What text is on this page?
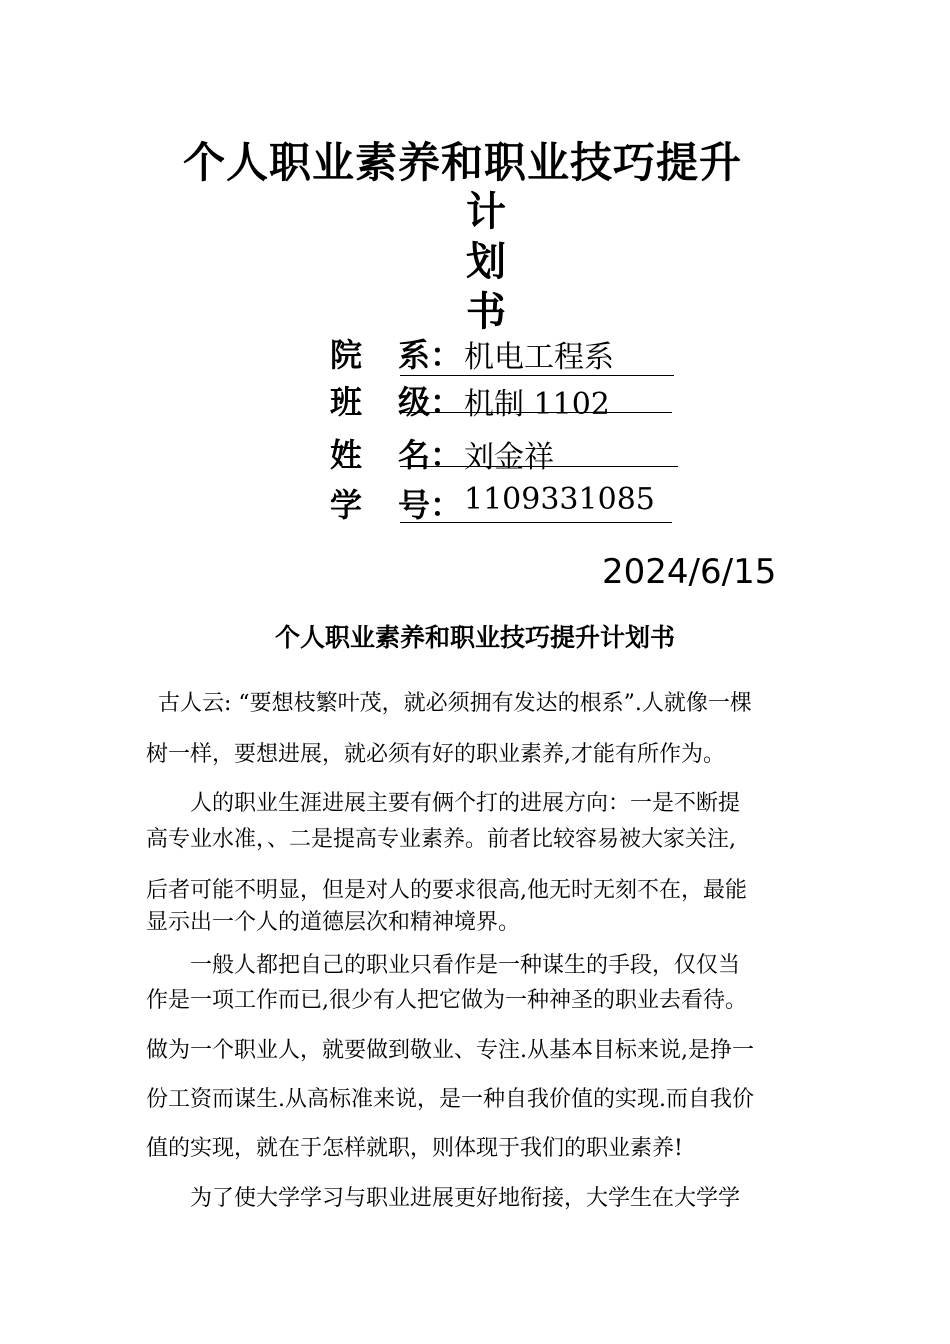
个人职业素养和职业技巧提升
计
划
书
院 系： 机电工程系
班 级： 机制 1102
姓 名： 刘金祥
学 号： 1109331085
2024/6/15
个人职业素养和职业技巧提升计划书
古人云: “要想枝繁叶茂，就必须拥有发达的根系”.人就像一棵
树一样，要想进展，就必须有好的职业素养,才能有所作为。
人的职业生涯进展主要有俩个打的进展方向：一是不断提
高专业水准，、二是提高专业素养。前者比较容易被大家关注,
后者可能不明显，但是对人的要求很高,他无时无刻不在，最能
显示出一个人的道德层次和精神境界。
一般人都把自己的职业只看作是一种谋生的手段，仅仅当
作是一项工作而已,很少有人把它做为一种神圣的职业去看待。
做为一个职业人，就要做到敬业、专注.从基本目标来说,是挣一
份工资而谋生.从高标准来说，是一种自我价值的实现.而自我价
值的实现，就在于怎样就职，则体现于我们的职业素养!
为了使大学学习与职业进展更好地衔接，大学生在大学学
